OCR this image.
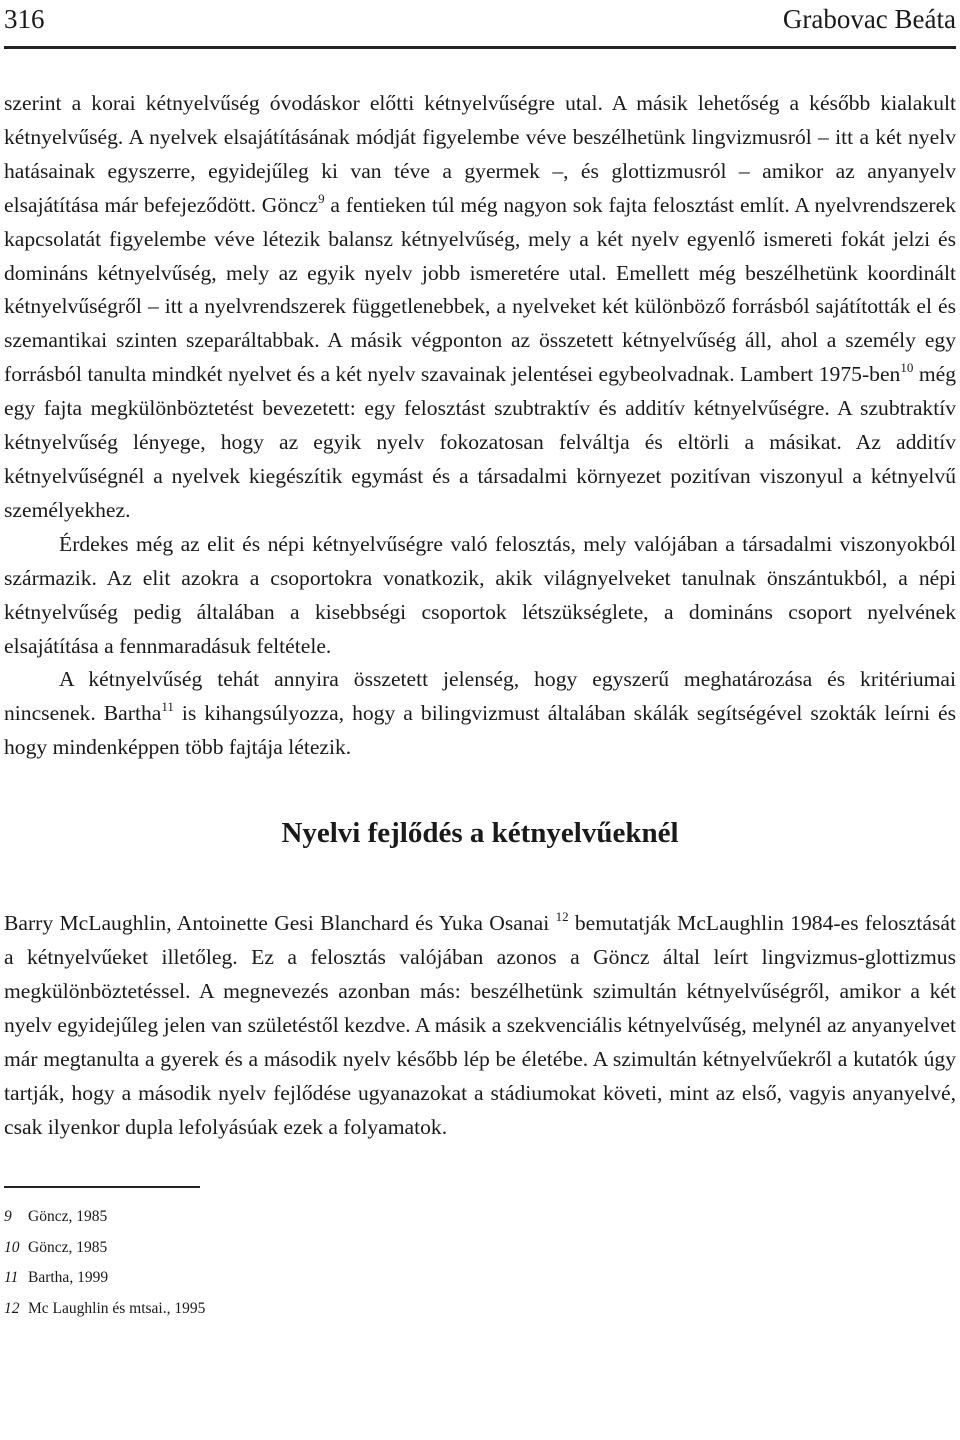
316	Grabovac Beáta

szerint a korai kétnyelvűség óvodáskor előtti kétnyelvűségre utal. A másik lehetőség a később kialakult kétnyelvűség. A nyelvek elsajátításának módját figyelembe véve beszélhetünk lingvizmusról – itt a két nyelv hatásainak egyszerre, egyidejűleg ki van téve a gyermek –, és glottizmusról – amikor az anyanyelv elsajátítása már befejeződött. Göncz$^9$ a fentieken túl még nagyon sok fajta felosztást említ. A nyelvrendszerek kapcsolatát figyelembe véve létezik balansz kétnyelvűség, mely a két nyelv egyenlő ismereti fokát jelzi és domináns kétnyelvűség, mely az egyik nyelv jobb ismeretére utal. Emellett még beszélhetünk koordinált kétnyelvűségről – itt a nyelvrendszerek függetlenebbek, a nyelveket két különböző forrásból sajátították el és szemantikai szinten szeparáltabbak. A másik végponton az összetett kétnyelvűség áll, ahol a személy egy forrásból tanulta mindkét nyelvet és a két nyelv szavainak jelentései egybeolvadnak. Lambert 1975-ben$^{10}$ még egy fajta megkülönböztetést bevezetett: egy felosztást szubtraktív és additív kétnyelvűségre. A szubtraktív kétnyelvűség lényege, hogy az egyik nyelv fokozatosan felváltja és eltörli a másikat. Az additív kétnyelvűségnél a nyelvek kiegészítik egymást és a társadalmi környezet pozitívan viszonyul a kétnyelvű személyekhez.

Érdekes még az elit és népi kétnyelvűségre való felosztás, mely valójában a társadalmi viszonyokból származik. Az elit azokra a csoportokra vonatkozik, akik világnyelveket tanulnak önszántukból, a népi kétnyelvűség pedig általában a kisebbségi csoportok létszükséglete, a domináns csoport nyelvének elsajátítása a fennmaradásuk feltétele.

A kétnyelvűség tehát annyira összetett jelenség, hogy egyszerű meghatározása és kritériumai nincsenek. Bartha$^{11}$ is kihangsúlyozza, hogy a bilingvizmust általában skálák segítségével szokták leírni és hogy mindenképpen több fajtája létezik.

Nyelvi fejlődés a kétnyelvűeknél

Barry McLaughlin, Antoinette Gesi Blanchard és Yuka Osanai $^{12}$ bemutatják McLaughlin 1984-es felosztását a kétnyelvűeket illetőleg. Ez a felosztás valójában azonos a Göncz által leírt lingvizmus-glottizmus megkülönböztetéssel. A megnevezés azonban más: beszélhetünk szimultán kétnyelvűségről, amikor a két nyelv egyidejűleg jelen van születéstől kezdve. A másik a szekvenciális kétnyelvűség, melynél az anyanyelvet már megtanulta a gyerek és a második nyelv később lép be életébe. A szimultán kétnyelvűekről a kutatók úgy tartják, hogy a második nyelv fejlődése ugyanazokat a stádiumokat követi, mint az első, vagyis anyanyelvé, csak ilyenkor dupla lefolyásúak ezek a folyamatok.

9 Göncz, 1985
10 Göncz, 1985
11 Bartha, 1999
12 Mc Laughlin és mtsai., 1995
